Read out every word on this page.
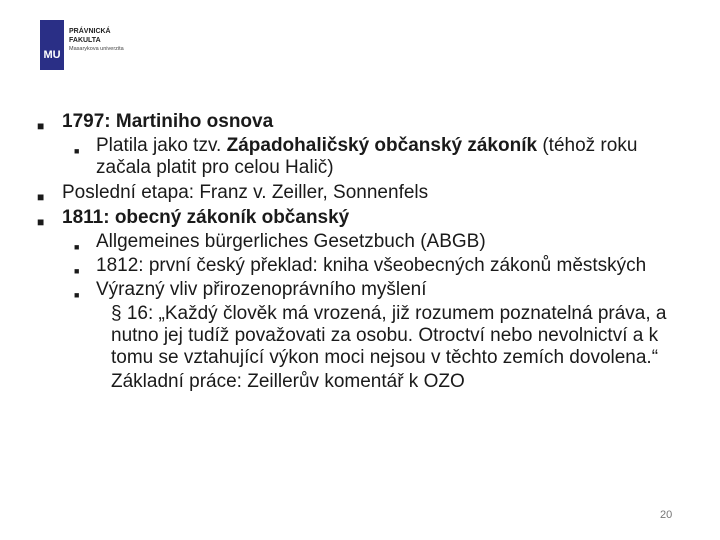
MU
PRÁVNICKÁ
FAKULTA
Masarykova univerzita

■ 1797: Martiniho osnova

■ Platila jako tzv. Západohaličský občanský zákoník (téhož roku začala platit pro celou Halič)

■ Poslední etapa: Franz v. Zeiller, Sonnenfels

■ 1811: obecný zákoník občanský

■ Allgemeines bürgerliches Gesetzbuch (ABGB)

■ 1812: první český překlad: kniha všeobecných zákonů městských

■ Výrazný vliv přirozenoprávního myšlení

§ 16: „Každý člověk má vrozená, již rozumem poznatelná práva, a nutno jej tudíž považovati za osobu. Otroctví nebo nevolnictví a k tomu se vztahující výkon moci nejsou v těchto zemích dovolena.“

Základní práce: Zeillerův komentář k OZO

20
